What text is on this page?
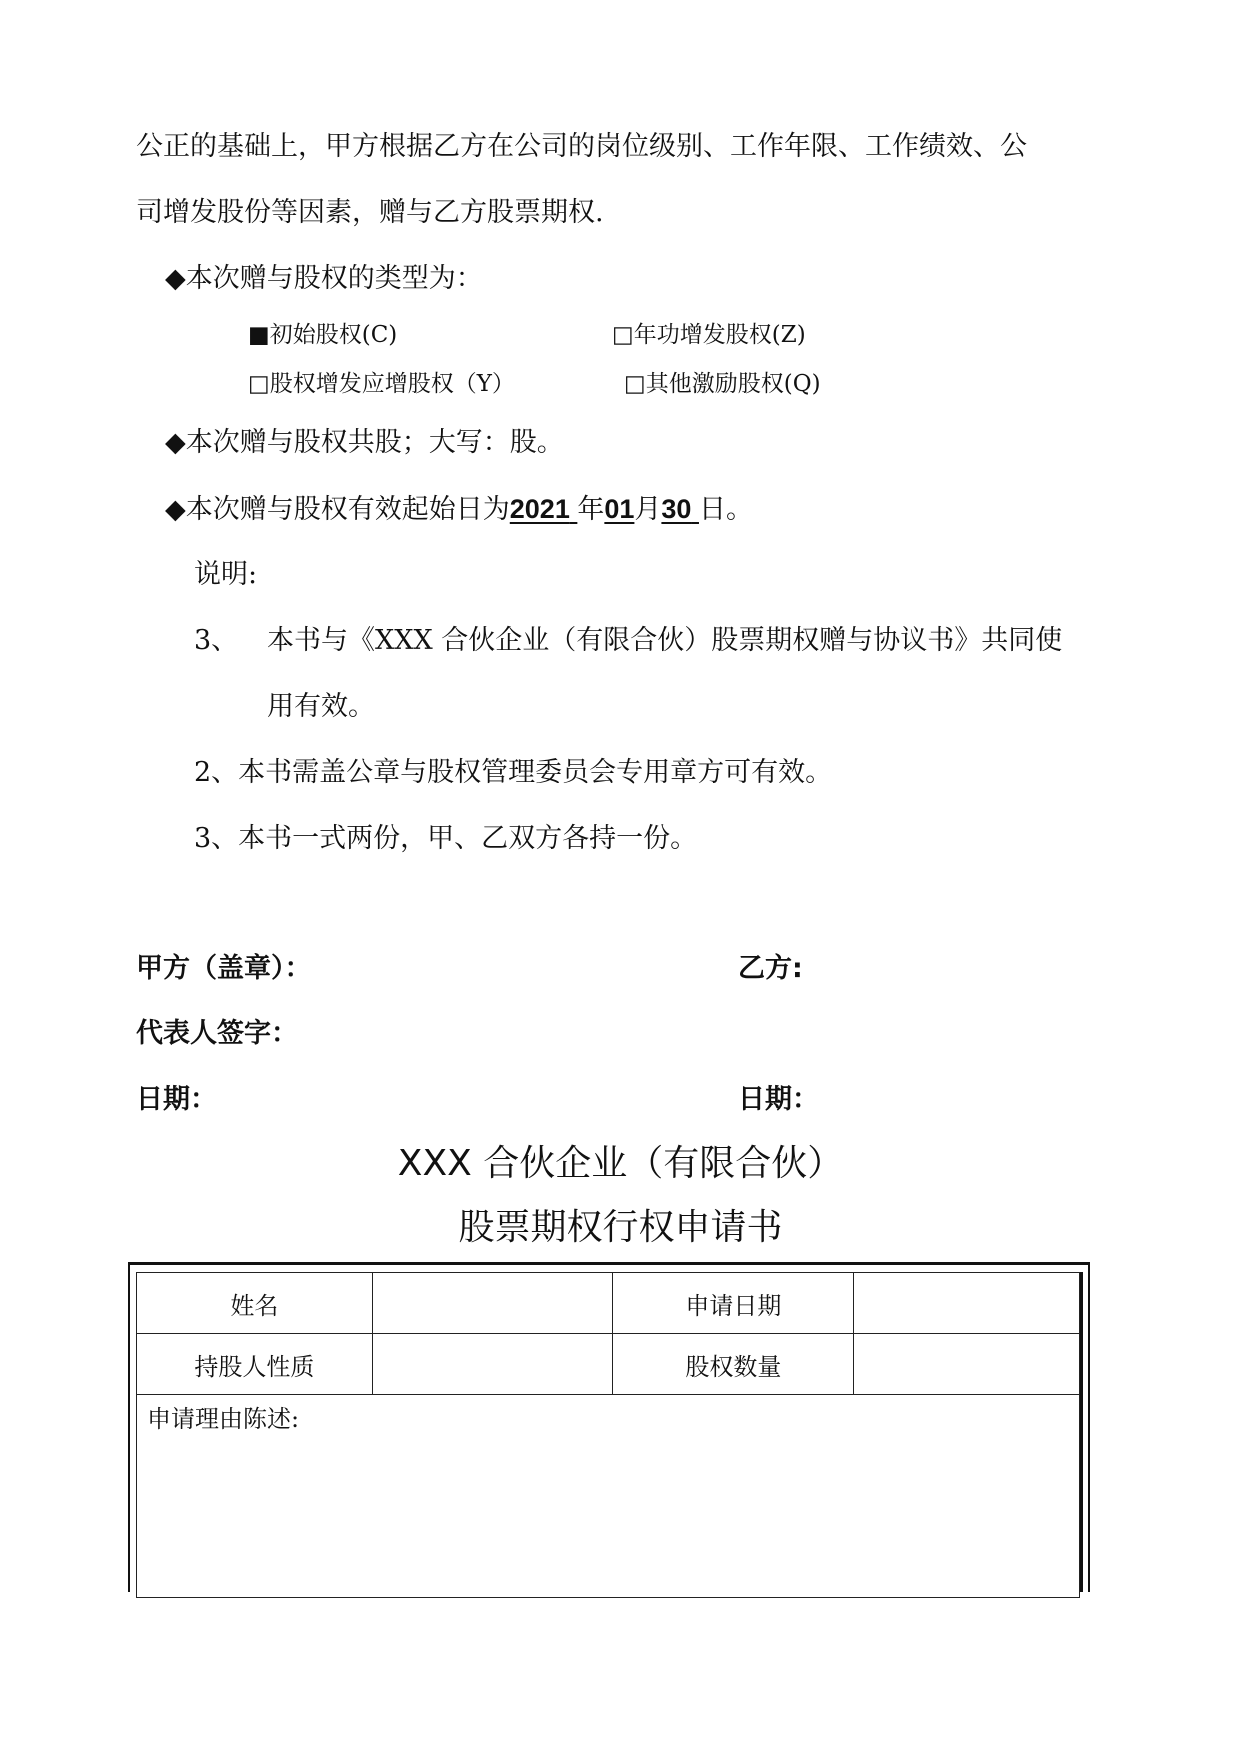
公正的基础上，甲方根据乙方在公司的岗位级别、工作年限、工作绩效、公
司增发股份等因素，赠与乙方股票期权.
◆本次赠与股权的类型为：
■初始股权(C)	□年功增发股权(Z)
□股权增发应增股权（Y）	□其他激励股权(Q)
◆本次赠与股权共股；大写：股。
◆本次赠与股权有效起始日为2021 年01月30 日。
说明:
3、 本书与《XXX 合伙企业（有限合伙）股票期权赠与协议书》共同使
用有效。
2、本书需盖公章与股权管理委员会专用章方可有效。
3、本书一式两份，甲、乙双方各持一份。
甲方（盖章）：	乙方:
代表人签字：
日期：	日期：
XXX 合伙企业（有限合伙）
股票期权行权申请书
姓名		申请日期	
持股人性质		股权数量	
申请理由陈述:			
